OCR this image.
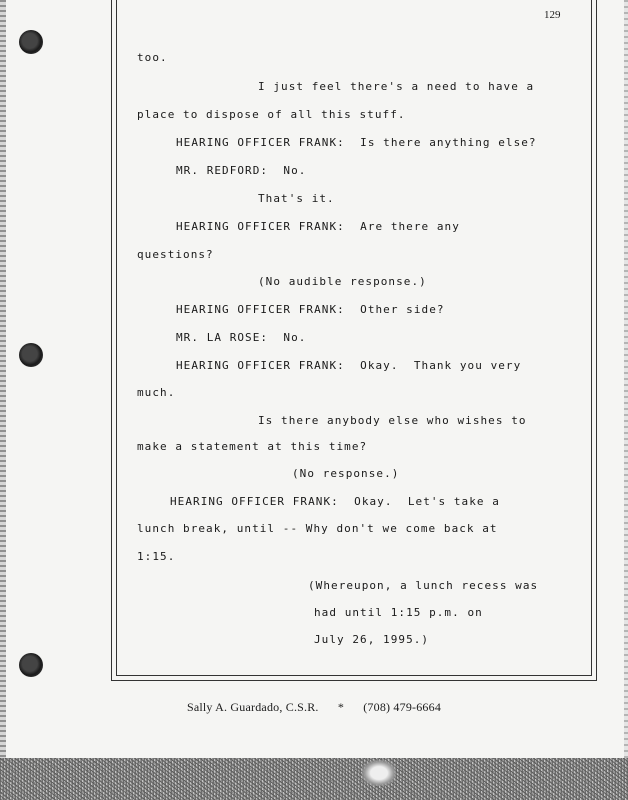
129
too.
I just feel there's a need to have a
place to dispose of all this stuff.
HEARING OFFICER FRANK:  Is there anything else?
MR. REDFORD:  No.
That's it.
HEARING OFFICER FRANK:  Are there any
questions?
(No audible response.)
HEARING OFFICER FRANK:  Other side?
MR. LA ROSE:  No.
HEARING OFFICER FRANK:  Okay.  Thank you very
much.
Is there anybody else who wishes to
make a statement at this time?
(No response.)
HEARING OFFICER FRANK:  Okay.  Let's take a
lunch break, until -- Why don't we come back at
1:15.
(Whereupon, a lunch recess was
had until 1:15 p.m. on
July 26, 1995.)
Sally A. Guardado, C.S.R. * (708) 479-6664
